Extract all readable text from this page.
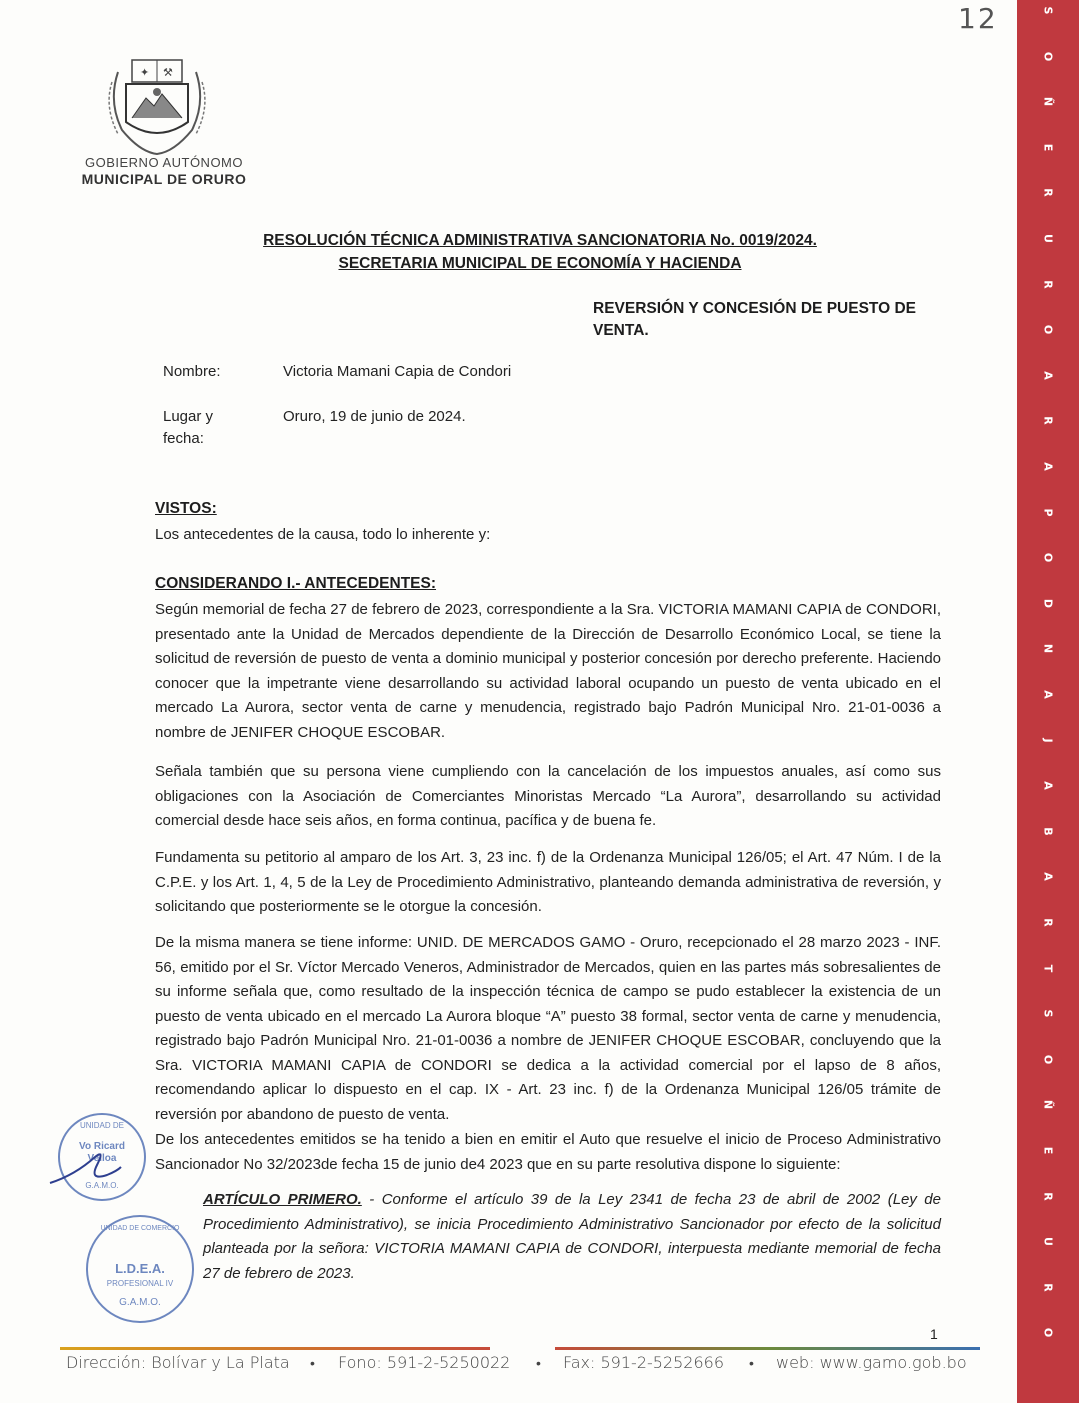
12	S
O
Ñ
E
R
U
R
O
A
R
A
P
O
D
N
A
J
A
B
A
R
T
S
O
Ñ
E
R
U
R
O
✦ ⚒
GOBIERNO AUTÓNOMO
MUNICIPAL DE ORURO
RESOLUCIÓN TÉCNICA ADMINISTRATIVA SANCIONATORIA No. 0019/2024.
SECRETARIA MUNICIPAL DE ECONOMÍA Y HACIENDA
REVERSIÓN Y CONCESIÓN DE PUESTO DE VENTA.
Nombre:	Victoria Mamani Capia de Condori
Lugar y
fecha:
Oruro, 19 de junio de 2024.
VISTOS:
Los antecedentes de la causa, todo lo inherente y:
CONSIDERANDO I.- ANTECEDENTES:
Según memorial de fecha 27 de febrero de 2023, correspondiente a la Sra. VICTORIA MAMANI CAPIA de CONDORI, presentado ante la Unidad de Mercados dependiente de la Dirección de Desarrollo Económico Local, se tiene la solicitud de reversión de puesto de venta a dominio municipal y posterior concesión por derecho preferente. Haciendo conocer que la impetrante viene desarrollando su actividad laboral ocupando un puesto de venta ubicado en el mercado La Aurora, sector venta de carne y menudencia, registrado bajo Padrón Municipal Nro. 21-01-0036 a nombre de JENIFER CHOQUE ESCOBAR.
Señala también que su persona viene cumpliendo con la cancelación de los impuestos anuales, así como sus obligaciones con la Asociación de Comerciantes Minoristas Mercado “La Aurora”, desarrollando su actividad comercial desde hace seis años, en forma continua, pacífica y de buena fe.
Fundamenta su petitorio al amparo de los Art. 3, 23 inc. f) de la Ordenanza Municipal 126/05; el Art. 47 Núm. I de la C.P.E. y los Art. 1, 4, 5 de la Ley de Procedimiento Administrativo, planteando demanda administrativa de reversión, y solicitando que posteriormente se le otorgue la concesión.
De la misma manera se tiene informe: UNID. DE MERCADOS GAMO - Oruro, recepcionado el 28 marzo 2023 - INF. 56, emitido por el Sr. Víctor Mercado Veneros, Administrador de Mercados, quien en las partes más sobresalientes de su informe señala que, como resultado de la inspección técnica de campo se pudo establecer la existencia de un puesto de venta ubicado en el mercado La Aurora bloque “A” puesto 38 formal, sector venta de carne y menudencia, registrado bajo Padrón Municipal Nro. 21-01-0036 a nombre de JENIFER CHOQUE ESCOBAR, concluyendo que la Sra. VICTORIA MAMANI CAPIA de CONDORI se dedica a la actividad comercial por el lapso de 8 años, recomendando aplicar lo dispuesto en el cap. IX - Art. 23 inc. f) de la Ordenanza Municipal 126/05 trámite de reversión por abandono de puesto de venta.
De los antecedentes emitidos se ha tenido a bien en emitir el Auto que resuelve el inicio de Proceso Administrativo Sancionador No 32/2023de fecha 15 de junio de4 2023 que en su parte resolutiva dispone lo siguiente:
ARTÍCULO PRIMERO. - Conforme el artículo 39 de la Ley 2341 de fecha 23 de abril de 2002 (Ley de Procedimiento Administrativo), se inicia Procedimiento Administrativo Sancionador por efecto de la solicitud planteada por la señora: VICTORIA MAMANI CAPIA de CONDORI, interpuesta mediante memorial de fecha 27 de febrero de 2023.
UNIDAD DE
Vo Ricard Velloa
G.A.M.O.
UNIDAD DE COMERCIO
L.D.E.A.
PROFESIONAL IV
G.A.M.O.
1
Dirección: Bolívar y La Plata • Fono: 591-2-5250022 • Fax: 591-2-5252666 • web: www.gamo.gob.bo
